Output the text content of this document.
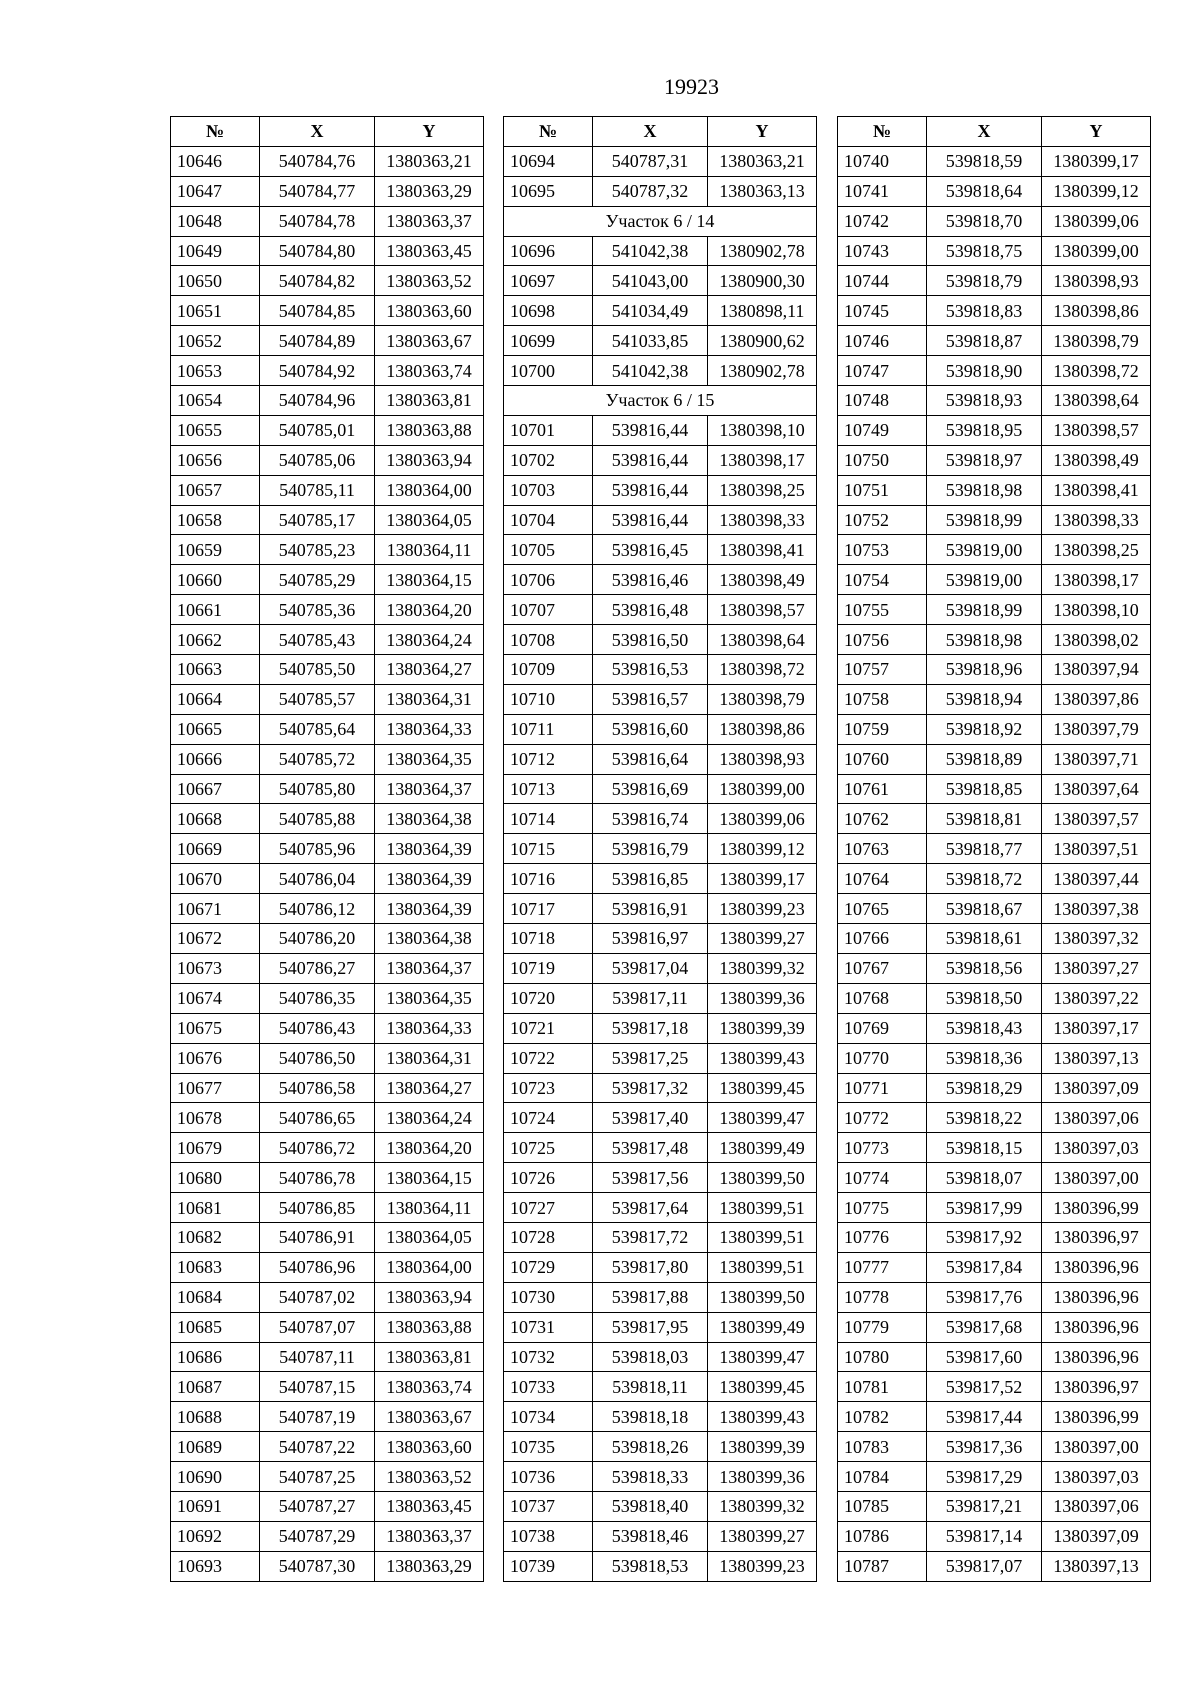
19923
№	X	Y
10646	540784,76	1380363,21
10647	540784,77	1380363,29
10648	540784,78	1380363,37
10649	540784,80	1380363,45
10650	540784,82	1380363,52
10651	540784,85	1380363,60
10652	540784,89	1380363,67
10653	540784,92	1380363,74
10654	540784,96	1380363,81
10655	540785,01	1380363,88
10656	540785,06	1380363,94
10657	540785,11	1380364,00
10658	540785,17	1380364,05
10659	540785,23	1380364,11
10660	540785,29	1380364,15
10661	540785,36	1380364,20
10662	540785,43	1380364,24
10663	540785,50	1380364,27
10664	540785,57	1380364,31
10665	540785,64	1380364,33
10666	540785,72	1380364,35
10667	540785,80	1380364,37
10668	540785,88	1380364,38
10669	540785,96	1380364,39
10670	540786,04	1380364,39
10671	540786,12	1380364,39
10672	540786,20	1380364,38
10673	540786,27	1380364,37
10674	540786,35	1380364,35
10675	540786,43	1380364,33
10676	540786,50	1380364,31
10677	540786,58	1380364,27
10678	540786,65	1380364,24
10679	540786,72	1380364,20
10680	540786,78	1380364,15
10681	540786,85	1380364,11
10682	540786,91	1380364,05
10683	540786,96	1380364,00
10684	540787,02	1380363,94
10685	540787,07	1380363,88
10686	540787,11	1380363,81
10687	540787,15	1380363,74
10688	540787,19	1380363,67
10689	540787,22	1380363,60
10690	540787,25	1380363,52
10691	540787,27	1380363,45
10692	540787,29	1380363,37
10693	540787,30	1380363,29
№	X	Y
10694	540787,31	1380363,21
10695	540787,32	1380363,13
Участок 6 / 14		
10696	541042,38	1380902,78
10697	541043,00	1380900,30
10698	541034,49	1380898,11
10699	541033,85	1380900,62
10700	541042,38	1380902,78
Участок 6 / 15		
10701	539816,44	1380398,10
10702	539816,44	1380398,17
10703	539816,44	1380398,25
10704	539816,44	1380398,33
10705	539816,45	1380398,41
10706	539816,46	1380398,49
10707	539816,48	1380398,57
10708	539816,50	1380398,64
10709	539816,53	1380398,72
10710	539816,57	1380398,79
10711	539816,60	1380398,86
10712	539816,64	1380398,93
10713	539816,69	1380399,00
10714	539816,74	1380399,06
10715	539816,79	1380399,12
10716	539816,85	1380399,17
10717	539816,91	1380399,23
10718	539816,97	1380399,27
10719	539817,04	1380399,32
10720	539817,11	1380399,36
10721	539817,18	1380399,39
10722	539817,25	1380399,43
10723	539817,32	1380399,45
10724	539817,40	1380399,47
10725	539817,48	1380399,49
10726	539817,56	1380399,50
10727	539817,64	1380399,51
10728	539817,72	1380399,51
10729	539817,80	1380399,51
10730	539817,88	1380399,50
10731	539817,95	1380399,49
10732	539818,03	1380399,47
10733	539818,11	1380399,45
10734	539818,18	1380399,43
10735	539818,26	1380399,39
10736	539818,33	1380399,36
10737	539818,40	1380399,32
10738	539818,46	1380399,27
10739	539818,53	1380399,23
№	X	Y
10740	539818,59	1380399,17
10741	539818,64	1380399,12
10742	539818,70	1380399,06
10743	539818,75	1380399,00
10744	539818,79	1380398,93
10745	539818,83	1380398,86
10746	539818,87	1380398,79
10747	539818,90	1380398,72
10748	539818,93	1380398,64
10749	539818,95	1380398,57
10750	539818,97	1380398,49
10751	539818,98	1380398,41
10752	539818,99	1380398,33
10753	539819,00	1380398,25
10754	539819,00	1380398,17
10755	539818,99	1380398,10
10756	539818,98	1380398,02
10757	539818,96	1380397,94
10758	539818,94	1380397,86
10759	539818,92	1380397,79
10760	539818,89	1380397,71
10761	539818,85	1380397,64
10762	539818,81	1380397,57
10763	539818,77	1380397,51
10764	539818,72	1380397,44
10765	539818,67	1380397,38
10766	539818,61	1380397,32
10767	539818,56	1380397,27
10768	539818,50	1380397,22
10769	539818,43	1380397,17
10770	539818,36	1380397,13
10771	539818,29	1380397,09
10772	539818,22	1380397,06
10773	539818,15	1380397,03
10774	539818,07	1380397,00
10775	539817,99	1380396,99
10776	539817,92	1380396,97
10777	539817,84	1380396,96
10778	539817,76	1380396,96
10779	539817,68	1380396,96
10780	539817,60	1380396,96
10781	539817,52	1380396,97
10782	539817,44	1380396,99
10783	539817,36	1380397,00
10784	539817,29	1380397,03
10785	539817,21	1380397,06
10786	539817,14	1380397,09
10787	539817,07	1380397,13
